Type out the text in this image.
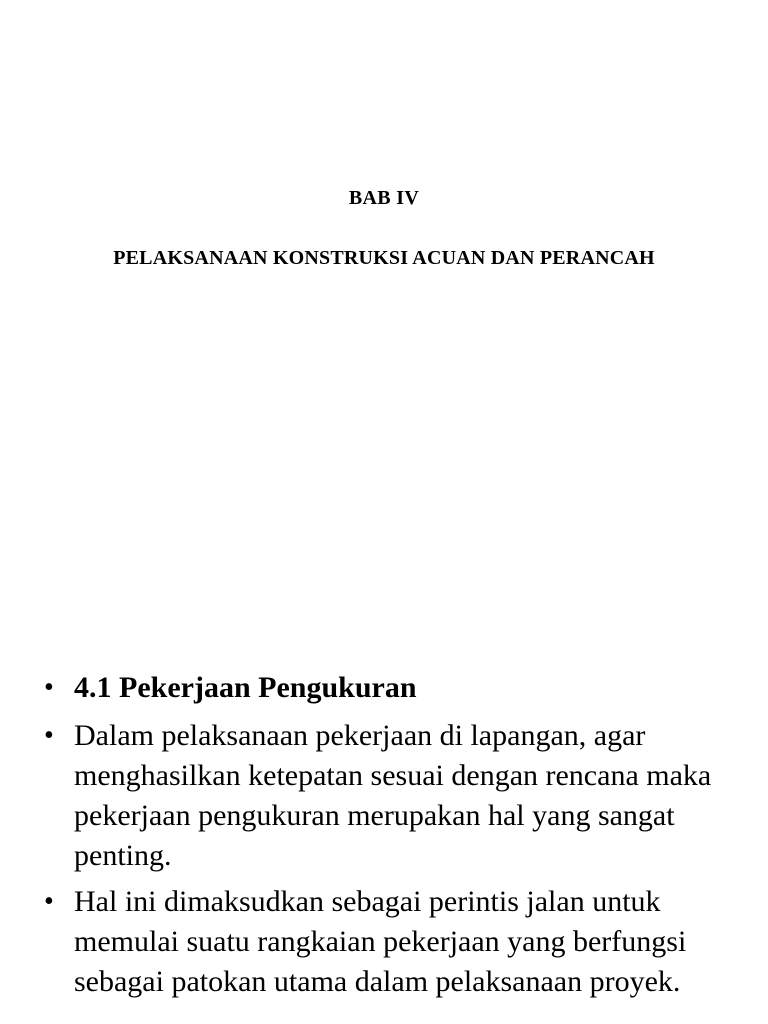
BAB IV
PELAKSANAAN KONSTRUKSI ACUAN DAN PERANCAH
• 4.1 Pekerjaan Pengukuran
• Dalam pelaksanaan pekerjaan di lapangan, agar menghasilkan ketepatan sesuai dengan rencana maka pekerjaan pengukuran merupakan hal yang sangat penting.
• Hal ini dimaksudkan sebagai perintis jalan untuk memulai suatu rangkaian pekerjaan yang berfungsi sebagai patokan utama dalam pelaksanaan proyek.
